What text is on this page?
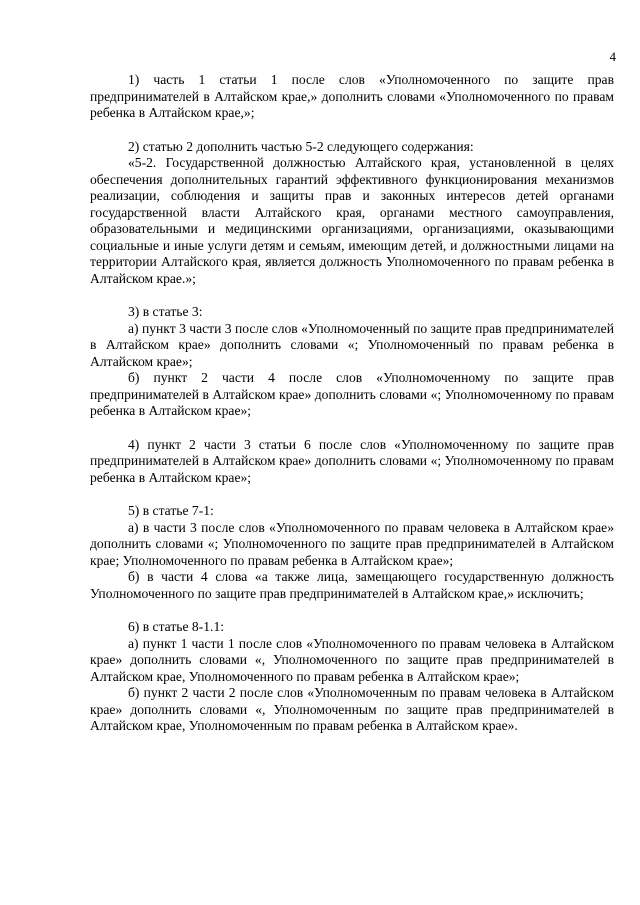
4

1) часть 1 статьи 1 после слов «Уполномоченного по защите прав предпринимателей в Алтайском крае,» дополнить словами «Уполномоченного по правам ребенка в Алтайском крае,»;

2) статью 2 дополнить частью 5-2 следующего содержания:

«5-2. Государственной должностью Алтайского края, установленной в целях обеспечения дополнительных гарантий эффективного функционирования механизмов реализации, соблюдения и защиты прав и законных интересов детей органами государственной власти Алтайского края, органами местного самоуправления, образовательными и медицинскими организациями, организациями, оказывающими социальные и иные услуги детям и семьям, имеющим детей, и должностными лицами на территории Алтайского края, является должность Уполномоченного по правам ребенка в Алтайском крае.»;

3) в статье 3:

а) пункт 3 части 3 после слов «Уполномоченный по защите прав предпринимателей в Алтайском крае» дополнить словами «; Уполномоченный по правам ребенка в Алтайском крае»;

б) пункт 2 части 4 после слов «Уполномоченному по защите прав предпринимателей в Алтайском крае» дополнить словами «; Уполномоченному по правам ребенка в Алтайском крае»;

4) пункт 2 части 3 статьи 6 после слов «Уполномоченному по защите прав предпринимателей в Алтайском крае» дополнить словами «; Уполномоченному по правам ребенка в Алтайском крае»;

5) в статье 7-1:

а) в части 3 после слов «Уполномоченного по правам человека в Алтайском крае» дополнить словами «; Уполномоченного по защите прав предпринимателей в Алтайском крае; Уполномоченного по правам ребенка в Алтайском крае»;

б) в части 4 слова «а также лица, замещающего государственную должность Уполномоченного по защите прав предпринимателей в Алтайском крае,» исключить;

6) в статье 8-1.1:

а) пункт 1 части 1 после слов «Уполномоченного по правам человека в Алтайском крае» дополнить словами «, Уполномоченного по защите прав предпринимателей в Алтайском крае, Уполномоченного по правам ребенка в Алтайском крае»;

б) пункт 2 части 2 после слов «Уполномоченным по правам человека в Алтайском крае» дополнить словами «, Уполномоченным по защите прав предпринимателей в Алтайском крае, Уполномоченным по правам ребенка в Алтайском крае».
